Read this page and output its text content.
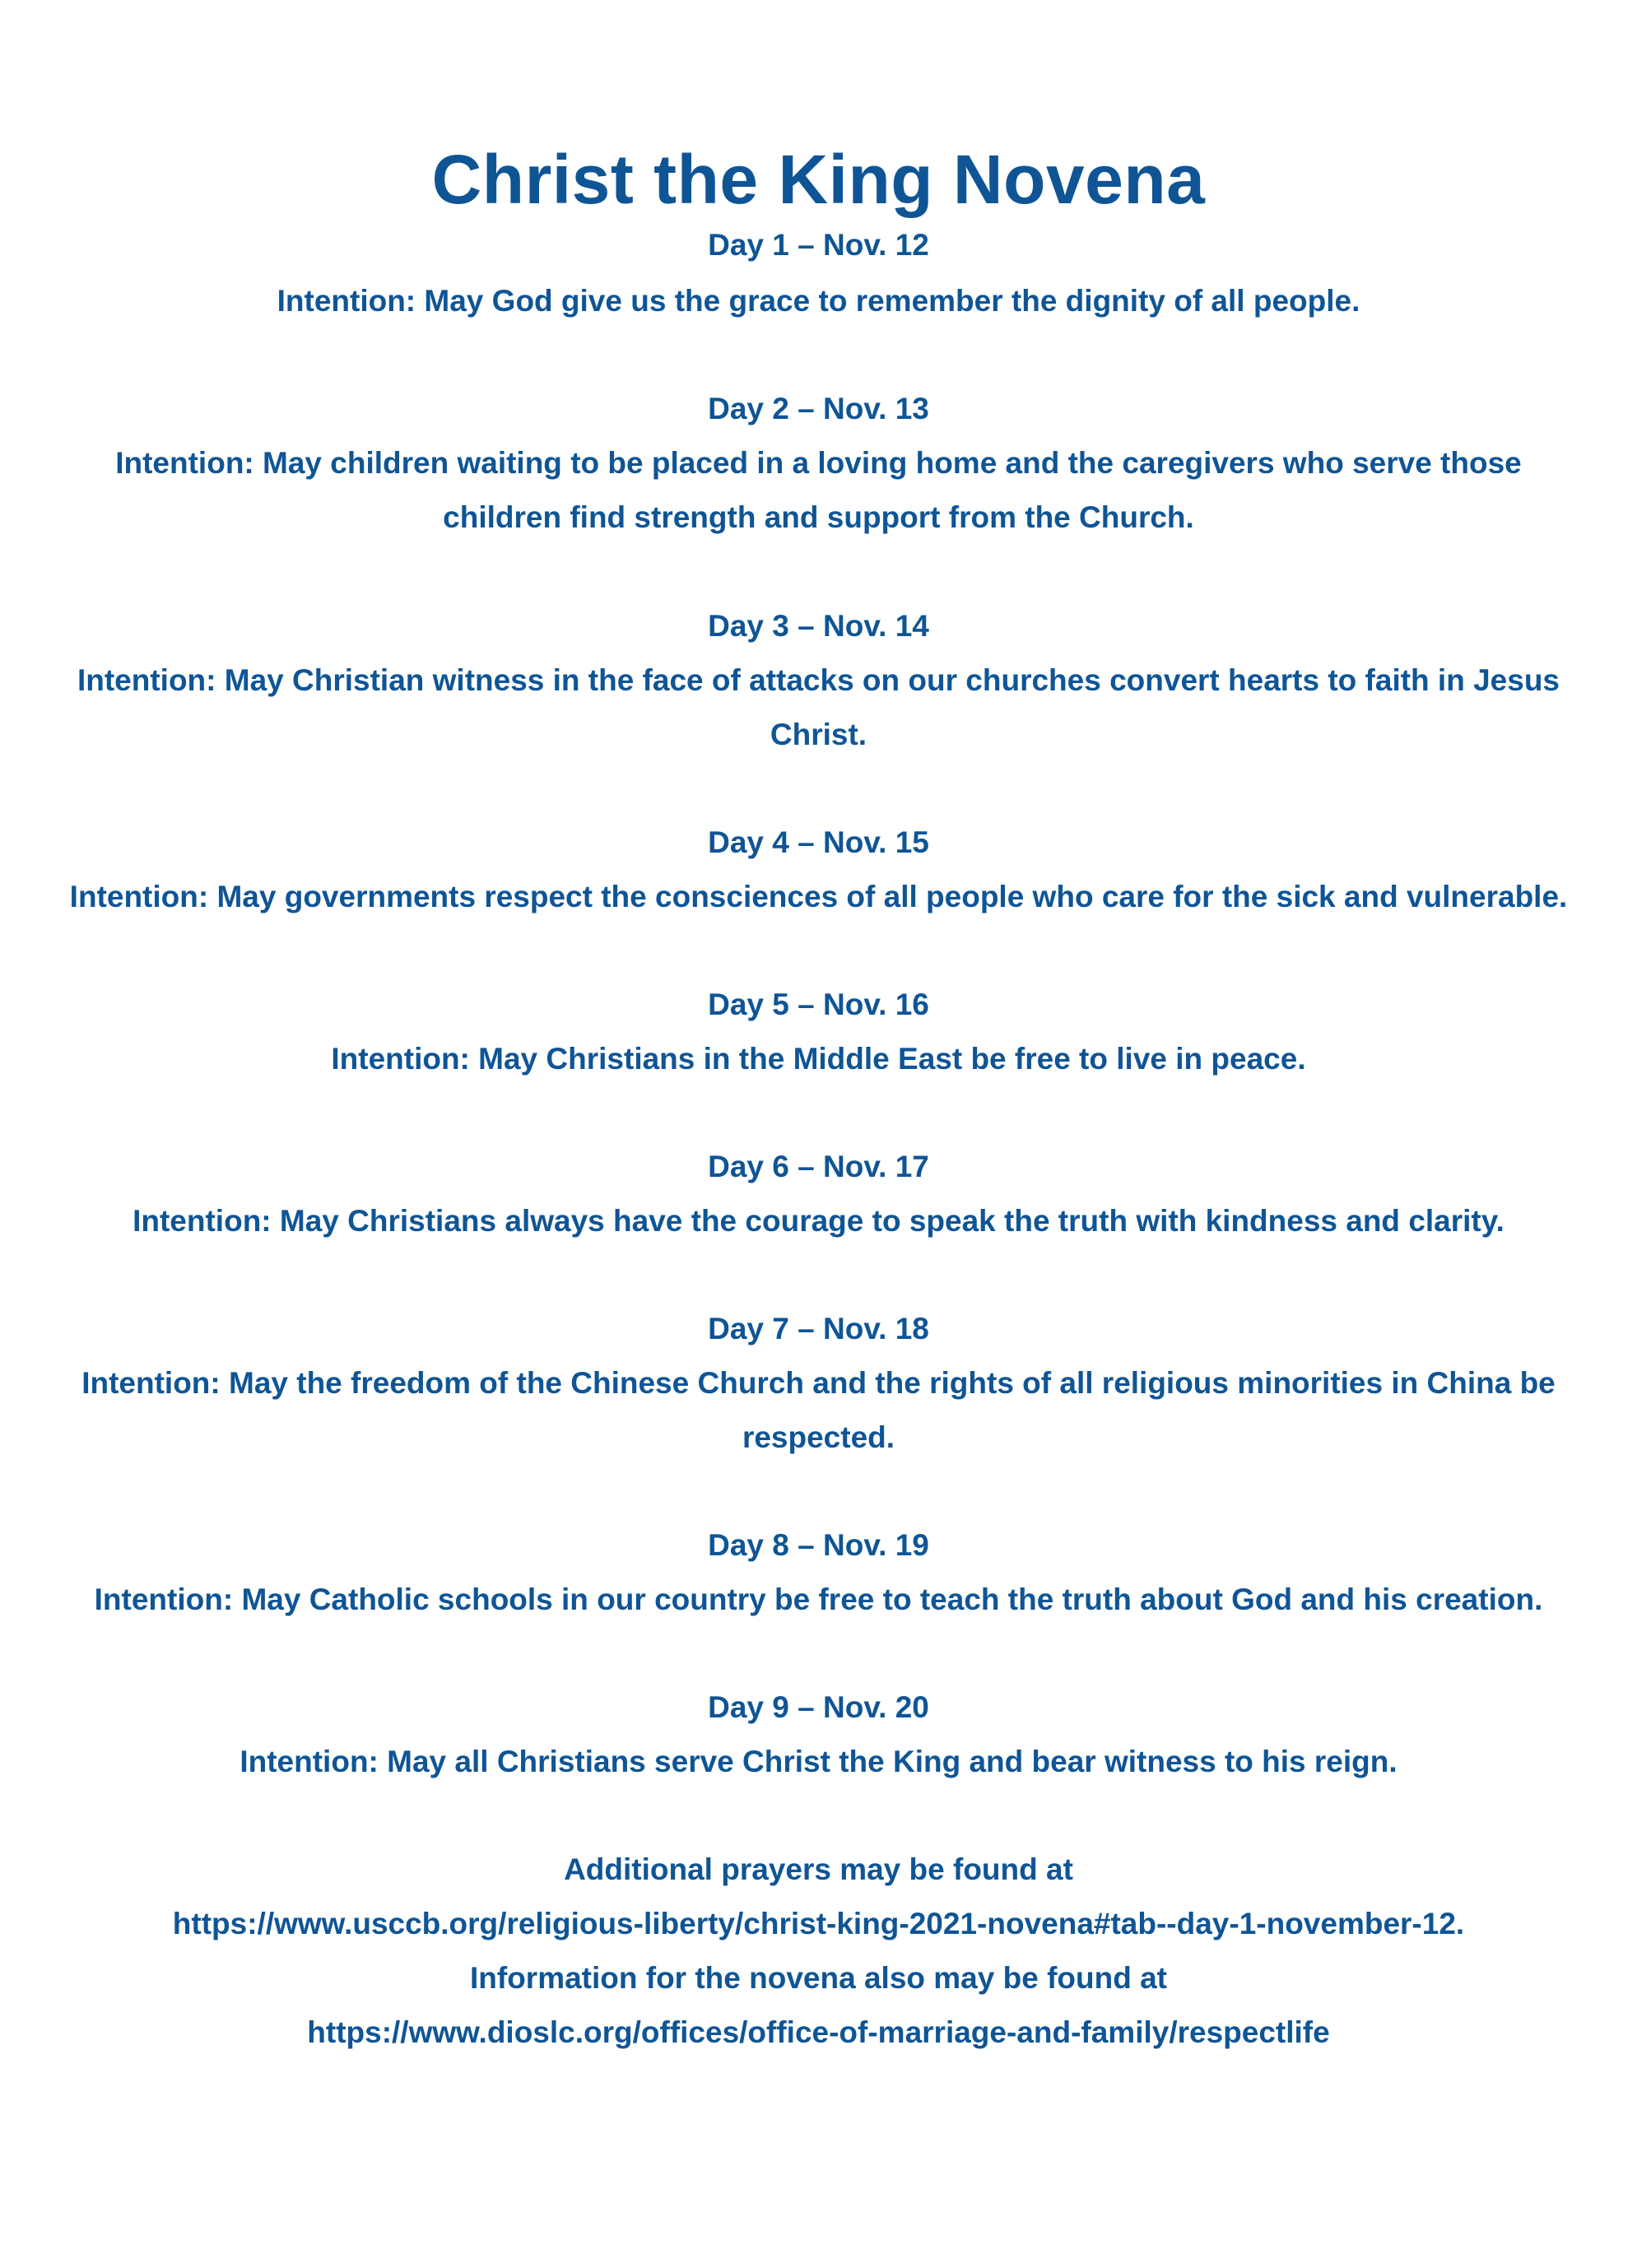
Christ the King Novena
Day 1 – Nov. 12
Intention: May God give us the grace to remember the dignity of all people.
Day 2 – Nov. 13
Intention: May children waiting to be placed in a loving home and the caregivers who serve those
children find strength and support from the Church.
Day 3 – Nov. 14
Intention: May Christian witness in the face of attacks on our churches convert hearts to faith in Jesus
Christ.
Day 4 – Nov. 15
Intention: May governments respect the consciences of all people who care for the sick and vulnerable.
Day 5 – Nov. 16
Intention: May Christians in the Middle East be free to live in peace.
Day 6 – Nov. 17
Intention: May Christians always have the courage to speak the truth with kindness and clarity.
Day 7 – Nov. 18
Intention: May the freedom of the Chinese Church and the rights of all religious minorities in China be
respected.
Day 8 – Nov. 19
Intention: May Catholic schools in our country be free to teach the truth about God and his creation.
Day 9 – Nov. 20
Intention: May all Christians serve Christ the King and bear witness to his reign.
Additional prayers may be found at
https://www.usccb.org/religious-liberty/christ-king-2021-novena#tab--day-1-november-12.
Information for the novena also may be found at
https://www.dioslc.org/offices/office-of-marriage-and-family/respectlife
